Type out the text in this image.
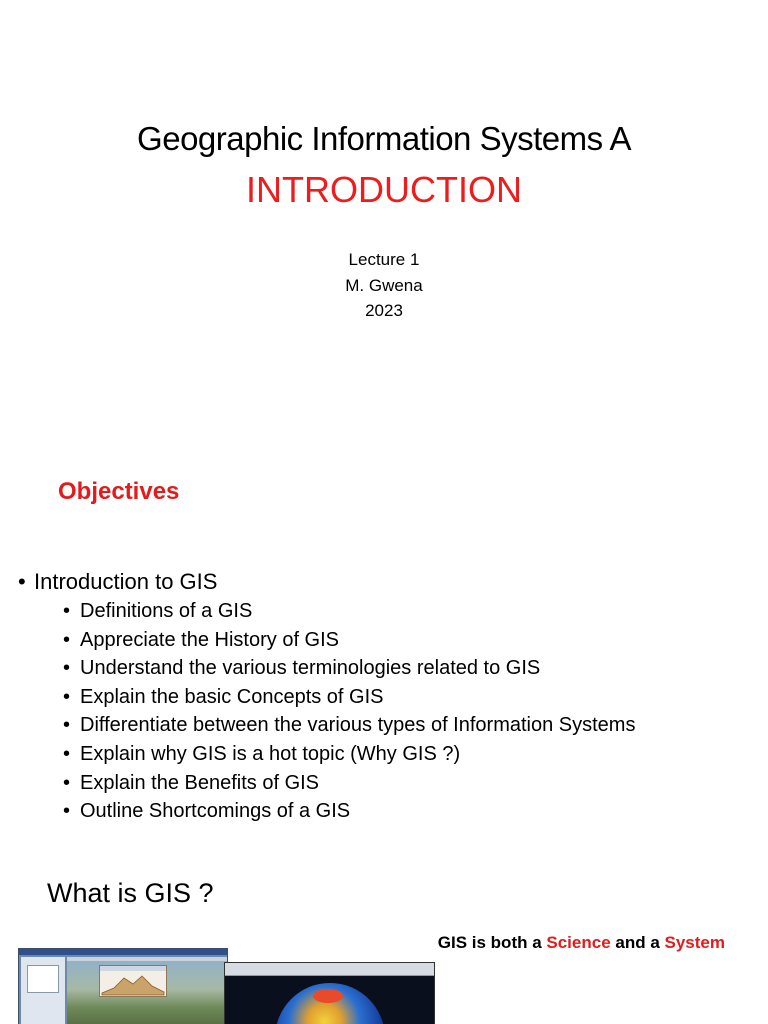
Geographic Information Systems A
INTRODUCTION
Lecture 1
M. Gwena
2023
Objectives
• Introduction to GIS
• Definitions of a GIS
• Appreciate the History of GIS
• Understand the various terminologies related to GIS
• Explain the basic Concepts of GIS
• Differentiate between the various types of Information Systems
• Explain why GIS is a hot topic (Why GIS ?)
• Explain the Benefits of GIS
• Outline Shortcomings of a GIS
What is GIS ?
GIS is both a Science and a System
